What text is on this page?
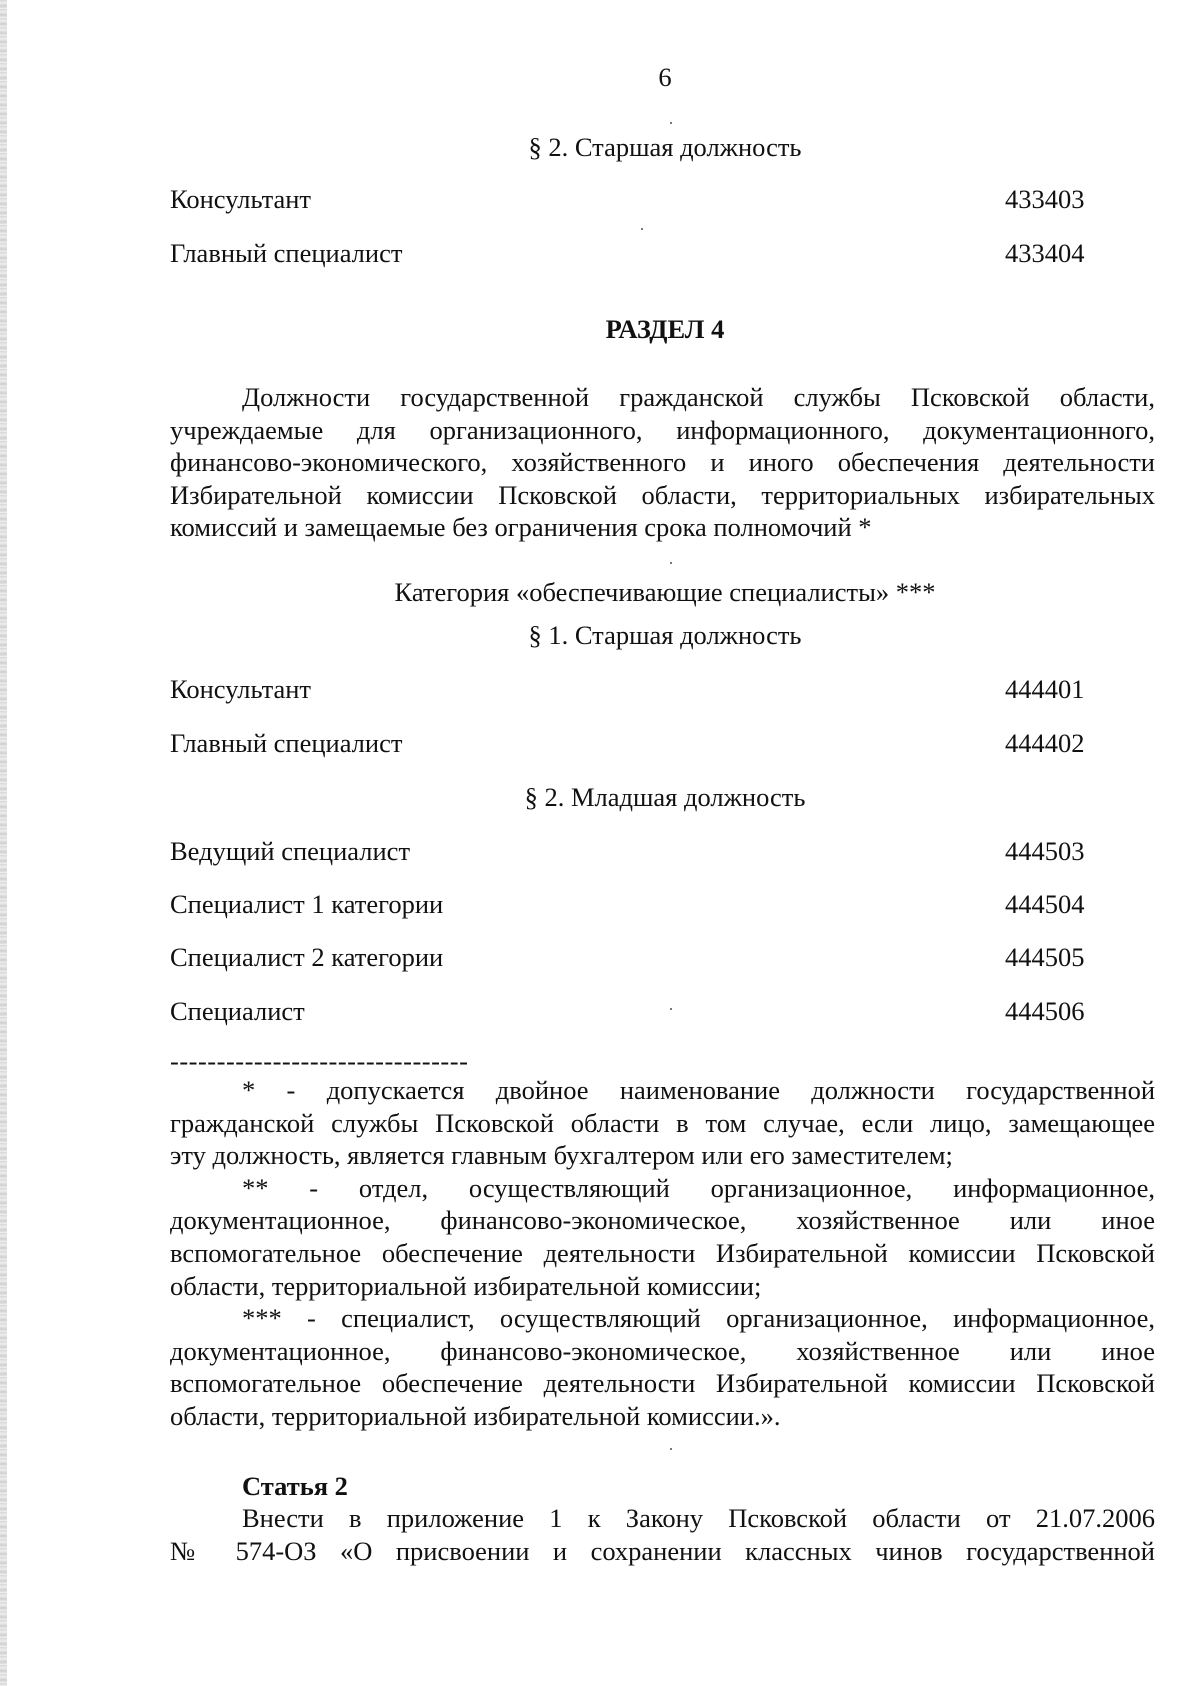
6
§ 2. Старшая должность
Консультант	433403
Главный специалист	433404
РАЗДЕЛ 4
Должности государственной гражданской службы Псковской области,
учреждаемые для организационного, информационного, документационного,
финансово-экономического, хозяйственного и иного обеспечения деятельности
Избирательной комиссии Псковской области, территориальных избирательных
комиссий и замещаемые без ограничения срока полномочий *
Категория «обеспечивающие специалисты» ***
§ 1. Старшая должность
Консультант	444401
Главный специалист	444402
§ 2. Младшая должность
Ведущий специалист	444503
Специалист 1 категории	444504
Специалист 2 категории	444505
Специалист	444506
--------------------------------
* - допускается двойное наименование должности государственной
гражданской службы Псковской области в том случае, если лицо, замещающее
эту должность, является главным бухгалтером или его заместителем;
** - отдел, осуществляющий организационное, информационное,
документационное, финансово-экономическое, хозяйственное или иное
вспомогательное обеспечение деятельности Избирательной комиссии Псковской
области, территориальной избирательной комиссии;
*** - специалист, осуществляющий организационное, информационное,
документационное, финансово-экономическое, хозяйственное или иное
вспомогательное обеспечение деятельности Избирательной комиссии Псковской
области, территориальной избирательной комиссии.».
Статья 2
Внести в приложение 1 к Закону Псковской области от 21.07.2006
№ 574-ОЗ «О присвоении и сохранении классных чинов государственной
